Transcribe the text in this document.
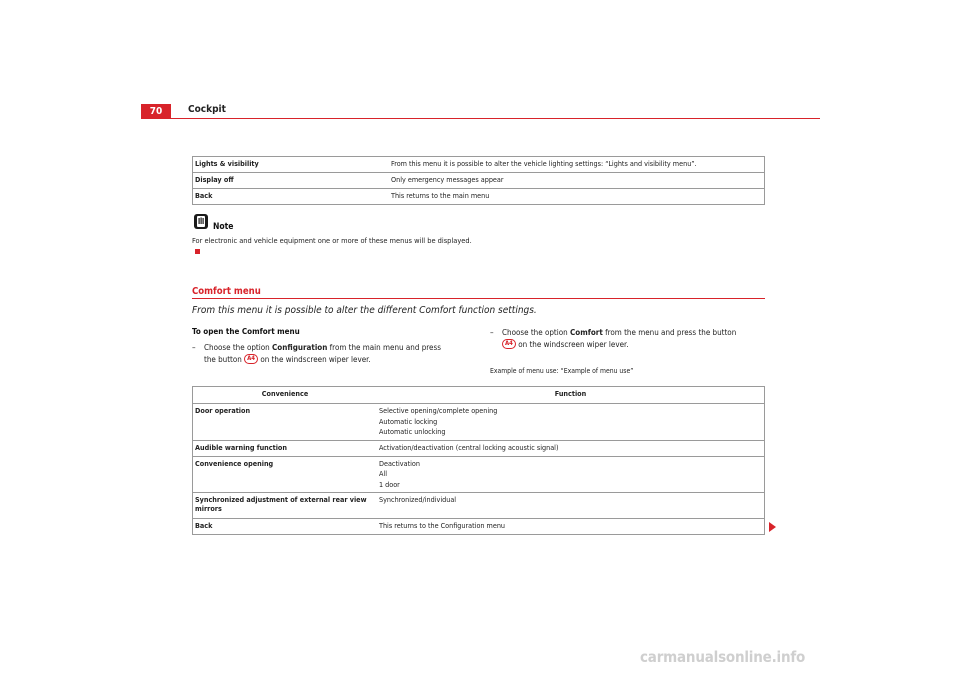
70	Cockpit
Lights & visibility	From this menu it is possible to alter the vehicle lighting settings: “Lights and visibility menu”.
Display off	Only emergency messages appear
Back	This returns to the main menu
Note
For electronic and vehicle equipment one or more of these menus will be displayed.
Comfort menu
From this menu it is possible to alter the different Comfort function settings.
To open the Comfort menu
– Choose the option Configuration from the main menu and press
the button A4 on the windscreen wiper lever.
– Choose the option Comfort from the menu and press the button
A4 on the windscreen wiper lever.
Example of menu use: “Example of menu use”
Convenience	Function
Door operation	Selective opening/complete opening
Automatic locking
Automatic unlocking

Audible warning function	Activation/deactivation (central locking acoustic signal)

Convenience opening	Deactivation
All
1 door

Synchronized adjustment of external rear view mirrors	Synchronized/individual

Back	This returns to the Configuration menu
carmanualsonline.info
